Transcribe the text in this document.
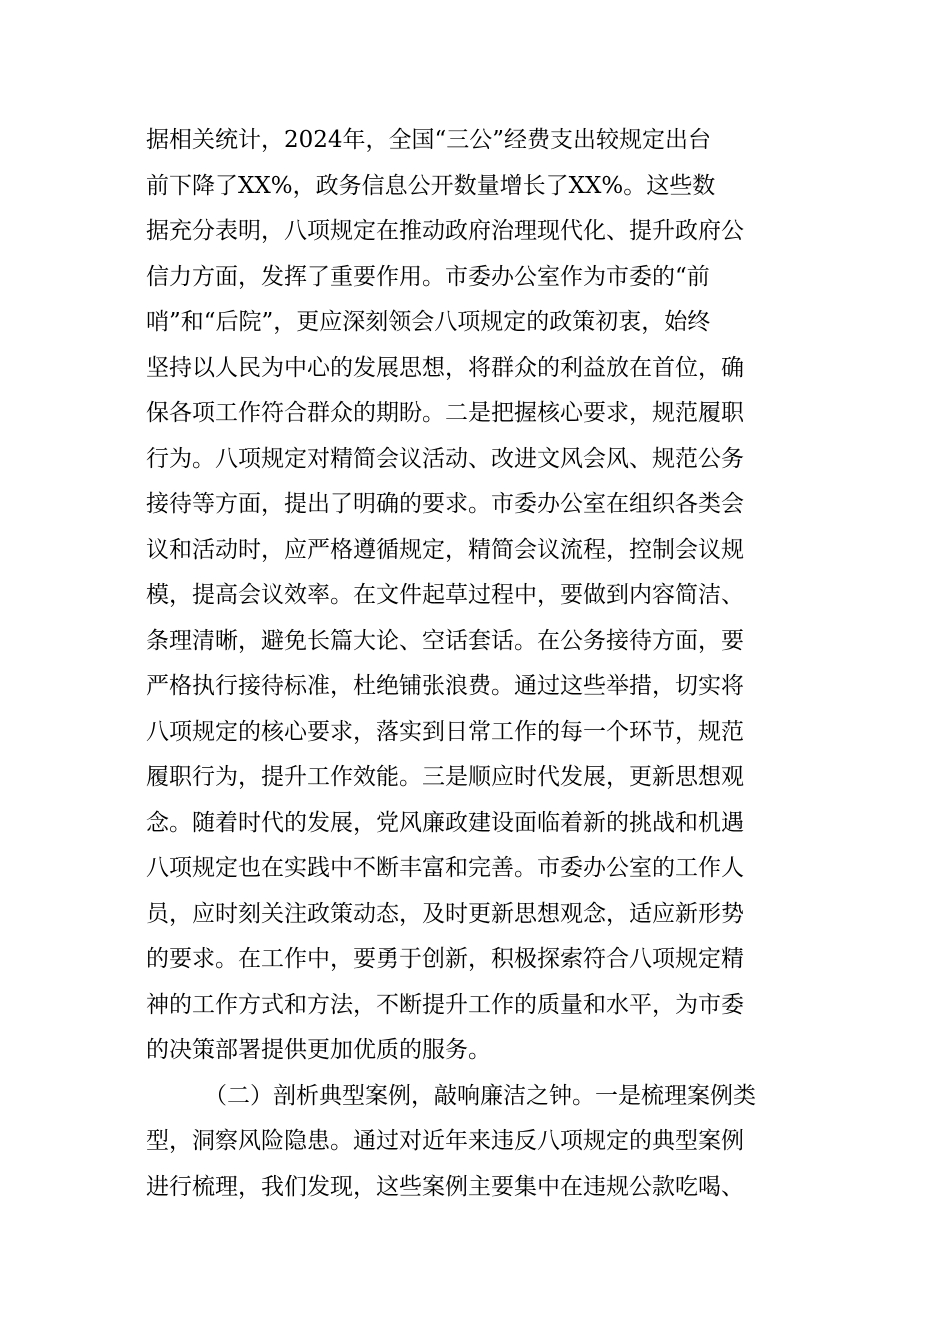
据相关统计，2024年，全国“三公”经费支出较规定出台
前下降了XX%，政务信息公开数量增长了XX%。这些数
据充分表明，八项规定在推动政府治理现代化、提升政府公
信力方面，发挥了重要作用。市委办公室作为市委的“前
哨”和“后院”，更应深刻领会八项规定的政策初衷，始终
坚持以人民为中心的发展思想，将群众的利益放在首位，确
保各项工作符合群众的期盼。二是把握核心要求，规范履职
行为。八项规定对精简会议活动、改进文风会风、规范公务
接待等方面，提出了明确的要求。市委办公室在组织各类会
议和活动时，应严格遵循规定，精简会议流程，控制会议规
模，提高会议效率。在文件起草过程中，要做到内容简洁、
条理清晰，避免长篇大论、空话套话。在公务接待方面，要
严格执行接待标准，杜绝铺张浪费。通过这些举措，切实将
八项规定的核心要求，落实到日常工作的每一个环节，规范
履职行为，提升工作效能。三是顺应时代发展，更新思想观
念。随着时代的发展，党风廉政建设面临着新的挑战和机遇
八项规定也在实践中不断丰富和完善。市委办公室的工作人
员，应时刻关注政策动态，及时更新思想观念，适应新形势
的要求。在工作中，要勇于创新，积极探索符合八项规定精
神的工作方式和方法，不断提升工作的质量和水平，为市委
的决策部署提供更加优质的服务。
（二）剖析典型案例，敲响廉洁之钟。一是梳理案例类
型，洞察风险隐患。通过对近年来违反八项规定的典型案例
进行梳理，我们发现，这些案例主要集中在违规公款吃喝、
